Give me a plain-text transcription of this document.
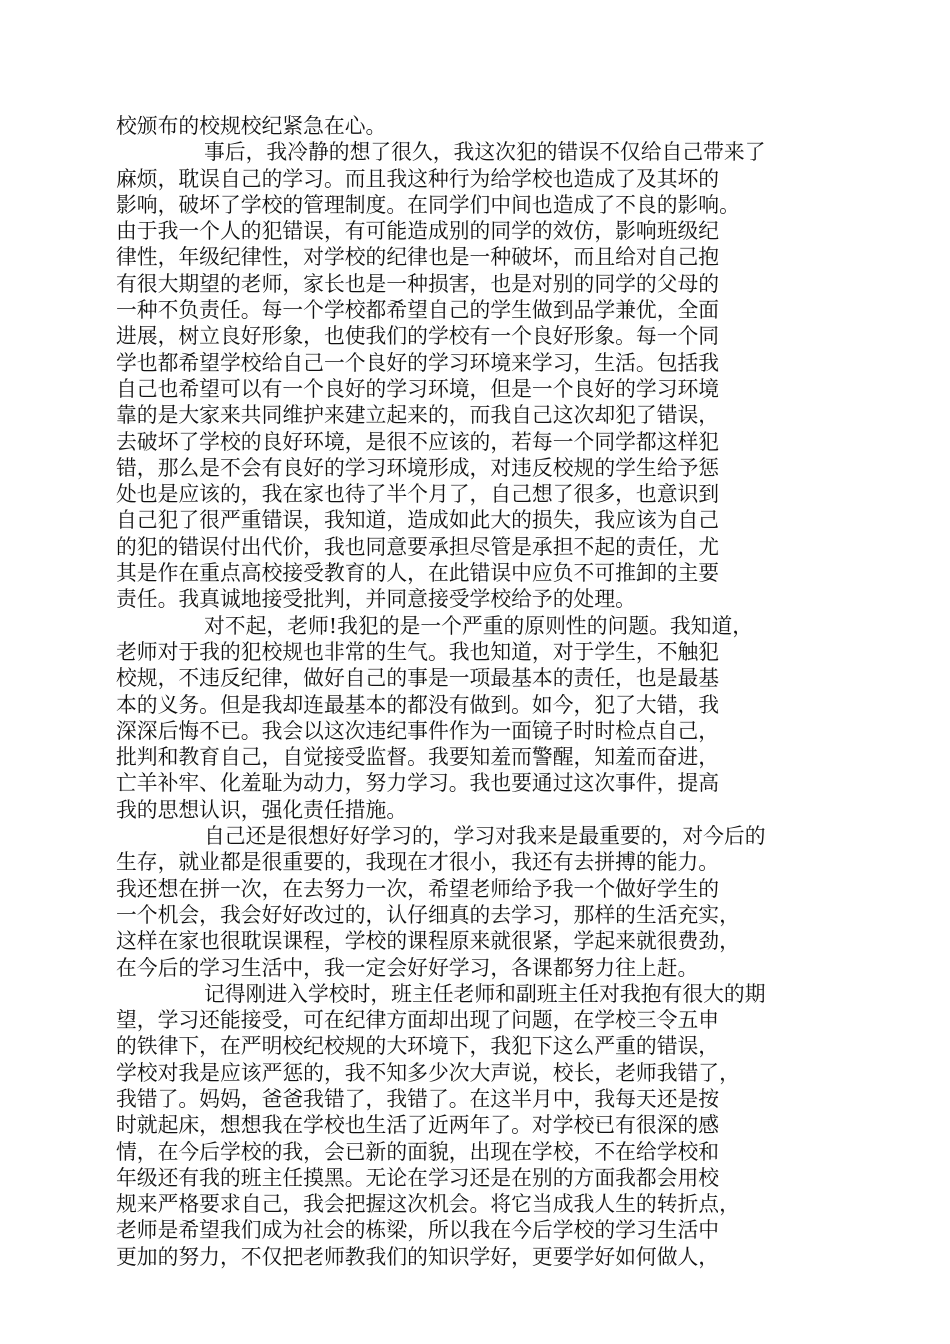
校颁布的校规校纪紧急在心。
事后，我冷静的想了很久，我这次犯的错误不仅给自己带来了
麻烦，耽误自己的学习。而且我这种行为给学校也造成了及其坏的
影响，破坏了学校的管理制度。在同学们中间也造成了不良的影响。
由于我一个人的犯错误，有可能造成别的同学的效仿，影响班级纪
律性，年级纪律性，对学校的纪律也是一种破坏，而且给对自己抱
有很大期望的老师，家长也是一种损害，也是对别的同学的父母的
一种不负责任。每一个学校都希望自己的学生做到品学兼优，全面
进展，树立良好形象，也使我们的学校有一个良好形象。每一个同
学也都希望学校给自己一个良好的学习环境来学习，生活。包括我
自己也希望可以有一个良好的学习环境，但是一个良好的学习环境
靠的是大家来共同维护来建立起来的，而我自己这次却犯了错误，
去破坏了学校的良好环境，是很不应该的，若每一个同学都这样犯
错，那么是不会有良好的学习环境形成，对违反校规的学生给予惩
处也是应该的，我在家也待了半个月了，自己想了很多，也意识到
自己犯了很严重错误，我知道，造成如此大的损失，我应该为自己
的犯的错误付出代价，我也同意要承担尽管是承担不起的责任，尤
其是作在重点高校接受教育的人，在此错误中应负不可推卸的主要
责任。我真诚地接受批判，并同意接受学校给予的处理。
对不起，老师!我犯的是一个严重的原则性的问题。我知道，
老师对于我的犯校规也非常的生气。我也知道，对于学生，不触犯
校规，不违反纪律，做好自己的事是一项最基本的责任，也是最基
本的义务。但是我却连最基本的都没有做到。如今，犯了大错，我
深深后悔不已。我会以这次违纪事件作为一面镜子时时检点自己，
批判和教育自己，自觉接受监督。我要知羞而警醒，知羞而奋进，
亡羊补牢、化羞耻为动力，努力学习。我也要通过这次事件，提高
我的思想认识，强化责任措施。
自己还是很想好好学习的，学习对我来是最重要的，对今后的
生存，就业都是很重要的，我现在才很小，我还有去拼搏的能力。
我还想在拼一次，在去努力一次，希望老师给予我一个做好学生的
一个机会，我会好好改过的，认仔细真的去学习，那样的生活充实，
这样在家也很耽误课程，学校的课程原来就很紧，学起来就很费劲，
在今后的学习生活中，我一定会好好学习，各课都努力往上赶。
记得刚进入学校时，班主任老师和副班主任对我抱有很大的期
望，学习还能接受，可在纪律方面却出现了问题，在学校三令五申
的铁律下，在严明校纪校规的大环境下，我犯下这么严重的错误，
学校对我是应该严惩的，我不知多少次大声说，校长，老师我错了，
我错了。妈妈，爸爸我错了，我错了。在这半月中，我每天还是按
时就起床，想想我在学校也生活了近两年了。对学校已有很深的感
情，在今后学校的我，会已新的面貌，出现在学校，不在给学校和
年级还有我的班主任摸黑。无论在学习还是在别的方面我都会用校
规来严格要求自己，我会把握这次机会。将它当成我人生的转折点，
老师是希望我们成为社会的栋梁，所以我在今后学校的学习生活中
更加的努力，不仅把老师教我们的知识学好，更要学好如何做人，
